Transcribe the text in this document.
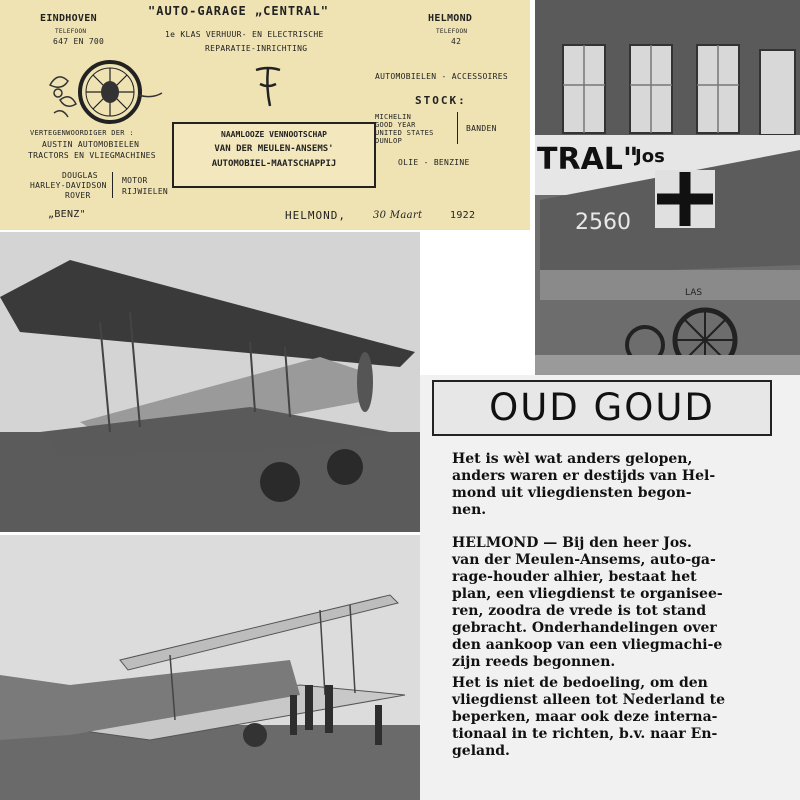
EINDHOVEN
TELEFOON
647 EN 700
"AUTO-GARAGE „CENTRAL"
1e KLAS VERHUUR- EN ELECTRISCHE
REPARATIE-INRICHTING
HELMOND
TELEFOON
42
VERTEGENWOORDIGER DER :
AUSTIN AUTOMOBIELEN
TRACTORS EN VLIEGMACHINES
DOUGLAS
HARLEY-DAVIDSON
ROVER
MOTOR
RIJWIELEN
„BENZ"
NAAMLOOZE VENNOOTSCHAP
VAN DER MEULEN-ANSEMS'
AUTOMOBIEL-MAATSCHAPPIJ
AUTOMOBIELEN - ACCESSOIRES
STOCK:
MICHELIN
GOOD YEAR
UNITED STATES
DUNLOP
BANDEN
OLIE - BENZINE
HELMOND,	30 Maart	1922
TRAL"
Jos
2560
LAS
OUD GOUD
Het is wèl wat anders gelopen,
anders waren er destijds van Hel-
mond uit vliegdiensten begon-
nen.
HELMOND — Bij den heer Jos.
van der Meulen-Ansems, auto-ga-
rage-houder alhier, bestaat het
plan, een vliegdienst te organisee-
ren, zoodra de vrede is tot stand
gebracht. Onderhandelingen over
den aankoop van een vliegmachi-e
zijn reeds begonnen.
Het is niet de bedoeling, om den
vliegdienst alleen tot Nederland te
beperken, maar ook deze interna-
tionaal in te richten, b.v. naar En-
geland.
